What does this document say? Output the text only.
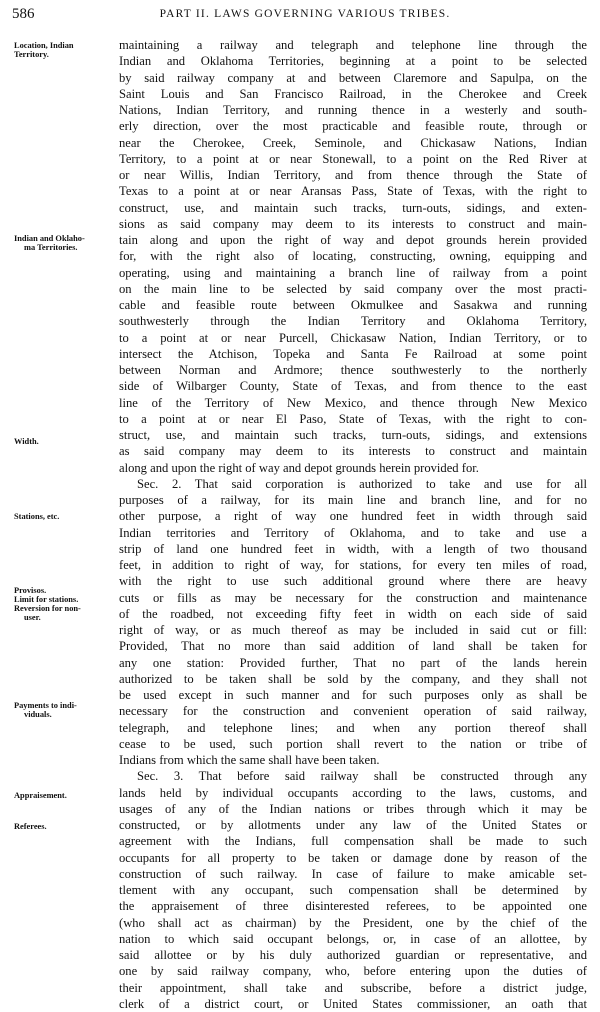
586	PART II. LAWS GOVERNING VARIOUS TRIBES.
Location, Indian
Territory.
Indian and Oklaho-
ma Territories.
Width.
Stations, etc.
Provisos.
Limit for stations.
Reversion for non-
user.
Payments to indi-
viduals.
Appraisement.
Referees.
maintaining a railway and telegraph and telephone line through the
Indian and Oklahoma Territories, beginning at a point to be selected
by said railway company at and between Claremore and Sapulpa, on the
Saint Louis and San Francisco Railroad, in the Cherokee and Creek
Nations, Indian Territory, and running thence in a westerly and south-
erly direction, over the most practicable and feasible route, through or
near the Cherokee, Creek, Seminole, and Chickasaw Nations, Indian
Territory, to a point at or near Stonewall, to a point on the Red River at
or near Willis, Indian Territory, and from thence through the State of
Texas to a point at or near Aransas Pass, State of Texas, with the right to
construct, use, and maintain such tracks, turn-outs, sidings, and exten-
sions as said company may deem to its interests to construct and main-
tain along and upon the right of way and depot grounds herein provided
for, with the right also of locating, constructing, owning, equipping and
operating, using and maintaining a branch line of railway from a point
on the main line to be selected by said company over the most practi-
cable and feasible route between Okmulkee and Sasakwa and running
southwesterly through the Indian Territory and Oklahoma Territory,
to a point at or near Purcell, Chickasaw Nation, Indian Territory, or to
intersect the Atchison, Topeka and Santa Fe Railroad at some point
between Norman and Ardmore; thence southwesterly to the northerly
side of Wilbarger County, State of Texas, and from thence to the east
line of the Territory of New Mexico, and thence through New Mexico
to a point at or near El Paso, State of Texas, with the right to con-
struct, use, and maintain such tracks, turn-outs, sidings, and extensions
as said company may deem to its interests to construct and maintain
along and upon the right of way and depot grounds herein provided for.
Sec. 2. That said corporation is authorized to take and use for all
purposes of a railway, for its main line and branch line, and for no
other purpose, a right of way one hundred feet in width through said
Indian territories and Territory of Oklahoma, and to take and use a
strip of land one hundred feet in width, with a length of two thousand
feet, in addition to right of way, for stations, for every ten miles of road,
with the right to use such additional ground where there are heavy
cuts or fills as may be necessary for the construction and maintenance
of the roadbed, not exceeding fifty feet in width on each side of said
right of way, or as much thereof as may be included in said cut or fill:
Provided, That no more than said addition of land shall be taken for
any one station: Provided further, That no part of the lands herein
authorized to be taken shall be sold by the company, and they shall not
be used except in such manner and for such purposes only as shall be
necessary for the construction and convenient operation of said railway,
telegraph, and telephone lines; and when any portion thereof shall
cease to be used, such portion shall revert to the nation or tribe of
Indians from which the same shall have been taken.
Sec. 3. That before said railway shall be constructed through any
lands held by individual occupants according to the laws, customs, and
usages of any of the Indian nations or tribes through which it may be
constructed, or by allotments under any law of the United States or
agreement with the Indians, full compensation shall be made to such
occupants for all property to be taken or damage done by reason of the
construction of such railway. In case of failure to make amicable set-
tlement with any occupant, such compensation shall be determined by
the appraisement of three disinterested referees, to be appointed one
(who shall act as chairman) by the President, one by the chief of the
nation to which said occupant belongs, or, in case of an allottee, by
said allottee or by his duly authorized guardian or representative, and
one by said railway company, who, before entering upon the duties of
their appointment, shall take and subscribe, before a district judge,
clerk of a district court, or United States commissioner, an oath that
